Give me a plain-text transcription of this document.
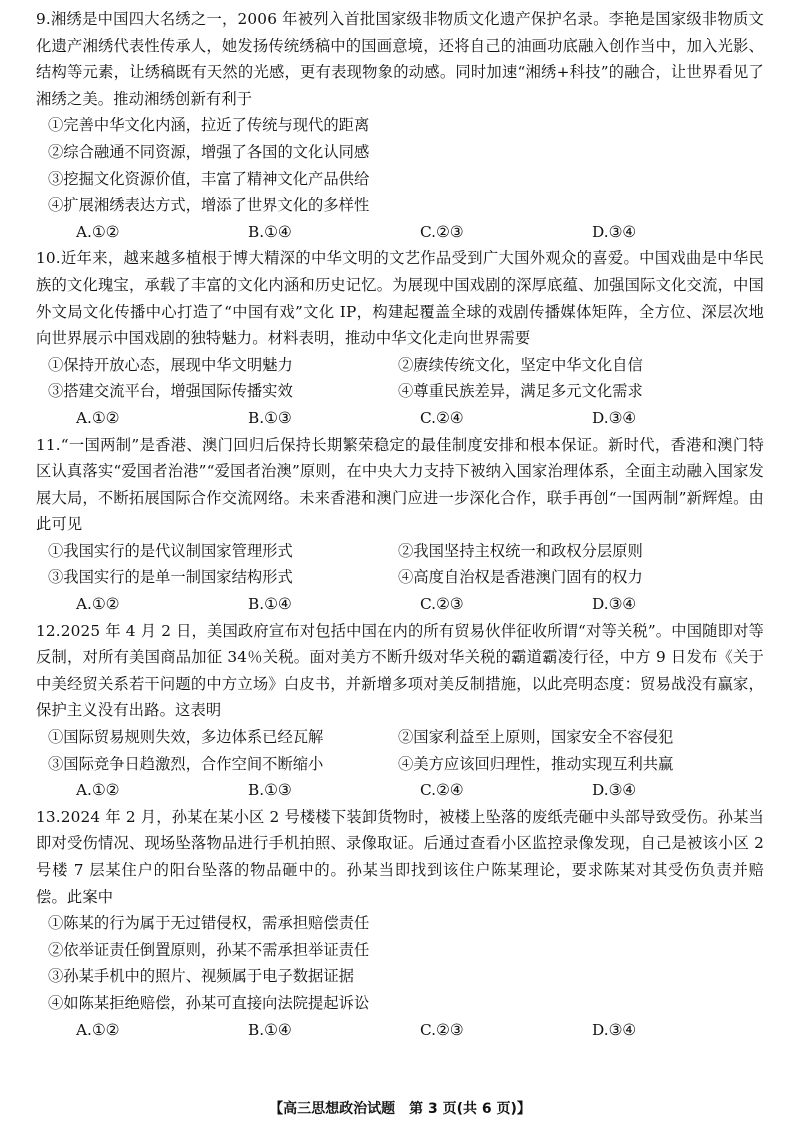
9.湘绣是中国四大名绣之一，2006 年被列入首批国家级非物质文化遗产保护名录。李艳是国家级非物质文化遗产湘绣代表性传承人，她发扬传统绣稿中的国画意境，还将自己的油画功底融入创作当中，加入光影、结构等元素，让绣稿既有天然的光感，更有表现物象的动感。同时加速“湘绣+科技”的融合，让世界看见了湘绣之美。推动湘绣创新有利于

①完善中华文化内涵，拉近了传统与现代的距离

②综合融通不同资源，增强了各国的文化认同感

③挖掘文化资源价值，丰富了精神文化产品供给

④扩展湘绣表达方式，增添了世界文化的多样性

A.①②	B.①④	C.②③	D.③④

10.近年来，越来越多植根于博大精深的中华文明的文艺作品受到广大国外观众的喜爱。中国戏曲是中华民族的文化瑰宝，承载了丰富的文化内涵和历史记忆。为展现中国戏剧的深厚底蕴、加强国际文化交流，中国外文局文化传播中心打造了“中国有戏”文化 IP，构建起覆盖全球的戏剧传播媒体矩阵，全方位、深层次地向世界展示中国戏剧的独特魅力。材料表明，推动中华文化走向世界需要

①保持开放心态，展现中华文明魅力	②赓续传统文化，坚定中华文化自信
③搭建交流平台，增强国际传播实效	④尊重民族差异，满足多元文化需求
A.①②	B.①③	C.②④	D.③④

11.“一国两制”是香港、澳门回归后保持长期繁荣稳定的最佳制度安排和根本保证。新时代，香港和澳门特区认真落实“爱国者治港”“爱国者治澳”原则，在中央大力支持下被纳入国家治理体系，全面主动融入国家发展大局，不断拓展国际合作交流网络。未来香港和澳门应进一步深化合作，联手再创“一国两制”新辉煌。由此可见

①我国实行的是代议制国家管理形式	②我国坚持主权统一和政权分层原则
③我国实行的是单一制国家结构形式	④高度自治权是香港澳门固有的权力
A.①②	B.①④	C.②③	D.③④

12.2025 年 4 月 2 日，美国政府宣布对包括中国在内的所有贸易伙伴征收所谓“对等关税”。中国随即对等反制，对所有美国商品加征 34％关税。面对美方不断升级对华关税的霸道霸凌行径，中方 9 日发布《关于中美经贸关系若干问题的中方立场》白皮书，并新增多项对美反制措施，以此亮明态度：贸易战没有赢家，保护主义没有出路。这表明

①国际贸易规则失效，多边体系已经瓦解	②国家利益至上原则，国家安全不容侵犯
③国际竞争日趋激烈，合作空间不断缩小	④美方应该回归理性，推动实现互利共赢
A.①②	B.①③	C.②④	D.③④

13.2024 年 2 月，孙某在某小区 2 号楼楼下装卸货物时，被楼上坠落的废纸壳砸中头部导致受伤。孙某当即对受伤情况、现场坠落物品进行手机拍照、录像取证。后通过查看小区监控录像发现，自己是被该小区 2 号楼 7 层某住户的阳台坠落的物品砸中的。孙某当即找到该住户陈某理论，要求陈某对其受伤负责并赔偿。此案中

①陈某的行为属于无过错侵权，需承担赔偿责任

②依举证责任倒置原则，孙某不需承担举证责任

③孙某手机中的照片、视频属于电子数据证据

④如陈某拒绝赔偿，孙某可直接向法院提起诉讼

A.①②	B.①④	C.②③	D.③④
【高三思想政治试题　第 3 页(共 6 页)】
